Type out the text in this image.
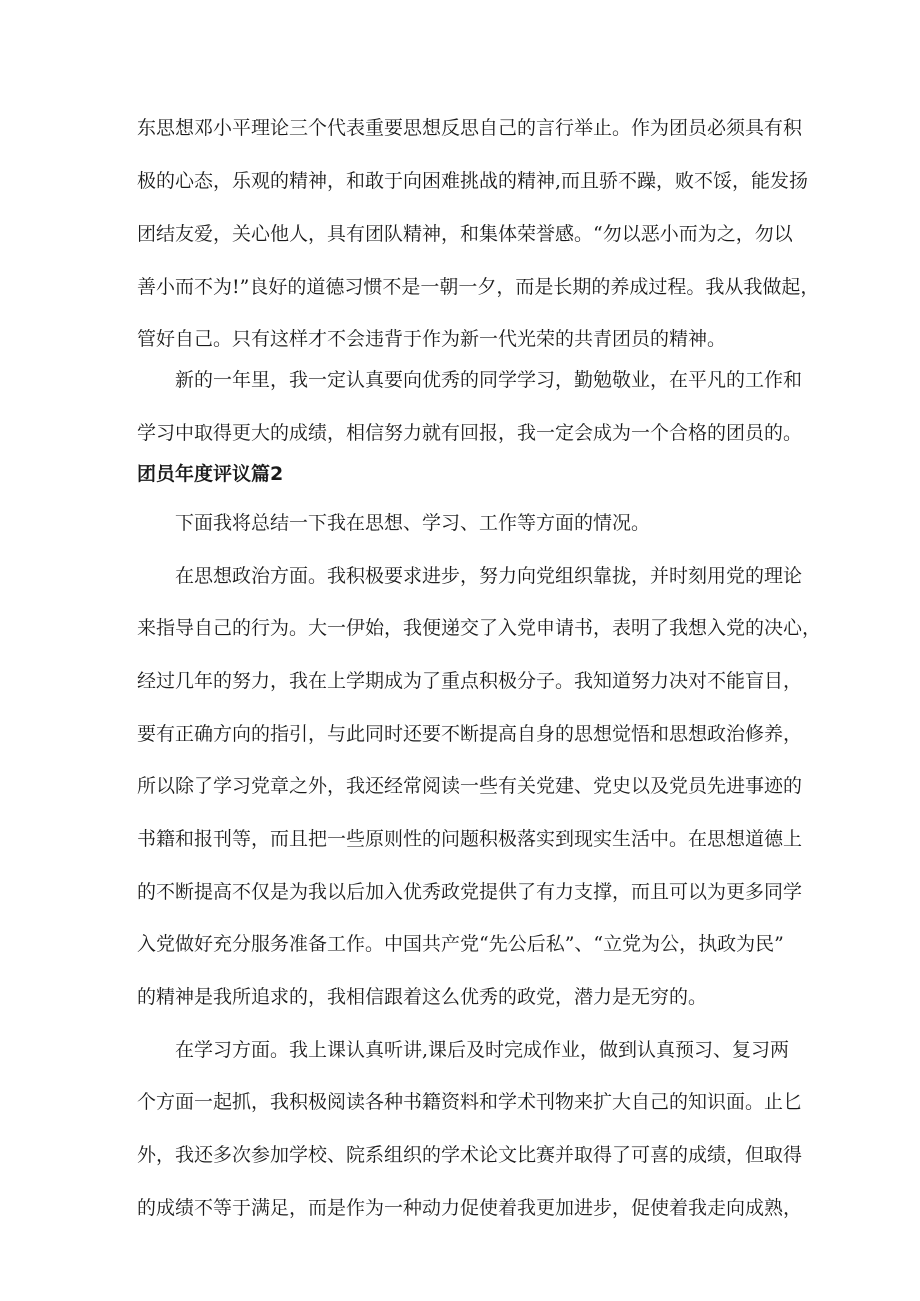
东思想邓小平理论三个代表重要思想反思自己的言行举止。作为团员必须具有积

极的心态，乐观的精神，和敢于向困难挑战的精神,而且骄不躁，败不馁，能发扬

团结友爱，关心他人，具有团队精神，和集体荣誉感。“勿以恶小而为之，勿以

善小而不为!”良好的道德习惯不是一朝一夕，而是长期的养成过程。我从我做起，

管好自己。只有这样才不会违背于作为新一代光荣的共青团员的精神。

新的一年里，我一定认真要向优秀的同学学习，勤勉敬业，在平凡的工作和

学习中取得更大的成绩，相信努力就有回报，我一定会成为一个合格的团员的。

团员年度评议篇2

下面我将总结一下我在思想、学习、工作等方面的情况。

在思想政治方面。我积极要求进步，努力向党组织靠拢，并时刻用党的理论

来指导自己的行为。大一伊始，我便递交了入党申请书，表明了我想入党的决心，

经过几年的努力，我在上学期成为了重点积极分子。我知道努力决对不能盲目，

要有正确方向的指引，与此同时还要不断提高自身的思想觉悟和思想政治修养，

所以除了学习党章之外，我还经常阅读一些有关党建、党史以及党员先进事迹的

书籍和报刊等，而且把一些原则性的问题积极落实到现实生活中。在思想道德上

的不断提高不仅是为我以后加入优秀政党提供了有力支撑，而且可以为更多同学

入党做好充分服务准备工作。中国共产党“先公后私”、“立党为公，执政为民”

的精神是我所追求的，我相信跟着这么优秀的政党，潜力是无穷的。

在学习方面。我上课认真听讲,课后及时完成作业，做到认真预习、复习两

个方面一起抓，我积极阅读各种书籍资料和学术刊物来扩大自己的知识面。止匕

外，我还多次参加学校、院系组织的学术论文比赛并取得了可喜的成绩，但取得

的成绩不等于满足，而是作为一种动力促使着我更加进步，促使着我走向成熟，
